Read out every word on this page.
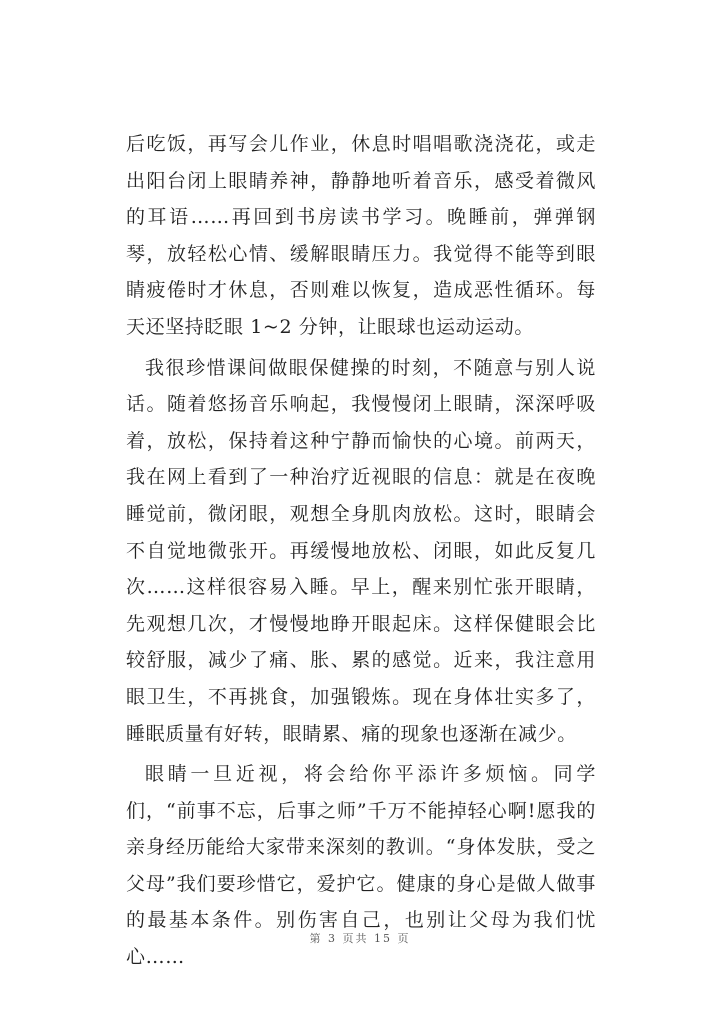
后吃饭，再写会儿作业，休息时唱唱歌浇浇花，或走出阳台闭上眼睛养神，静静地听着音乐，感受着微风的耳语……再回到书房读书学习。晚睡前，弹弹钢琴，放轻松心情、缓解眼睛压力。我觉得不能等到眼睛疲倦时才休息，否则难以恢复，造成恶性循环。每天还坚持眨眼 1~2 分钟，让眼球也运动运动。

我很珍惜课间做眼保健操的时刻，不随意与别人说话。随着悠扬音乐响起，我慢慢闭上眼睛，深深呼吸着，放松，保持着这种宁静而愉快的心境。前两天，我在网上看到了一种治疗近视眼的信息：就是在夜晚睡觉前，微闭眼，观想全身肌肉放松。这时，眼睛会不自觉地微张开。再缓慢地放松、闭眼，如此反复几次……这样很容易入睡。早上，醒来别忙张开眼睛，先观想几次，才慢慢地睁开眼起床。这样保健眼会比较舒服，减少了痛、胀、累的感觉。近来，我注意用眼卫生，不再挑食，加强锻炼。现在身体壮实多了，睡眠质量有好转，眼睛累、痛的现象也逐渐在减少。

眼睛一旦近视，将会给你平添许多烦恼。同学们，“前事不忘，后事之师”千万不能掉轻心啊!愿我的亲身经历能给大家带来深刻的教训。“身体发肤，受之父母”我们要珍惜它，爱护它。健康的身心是做人做事的最基本条件。别伤害自己，也别让父母为我们忧心……

第 3 页共 15 页
